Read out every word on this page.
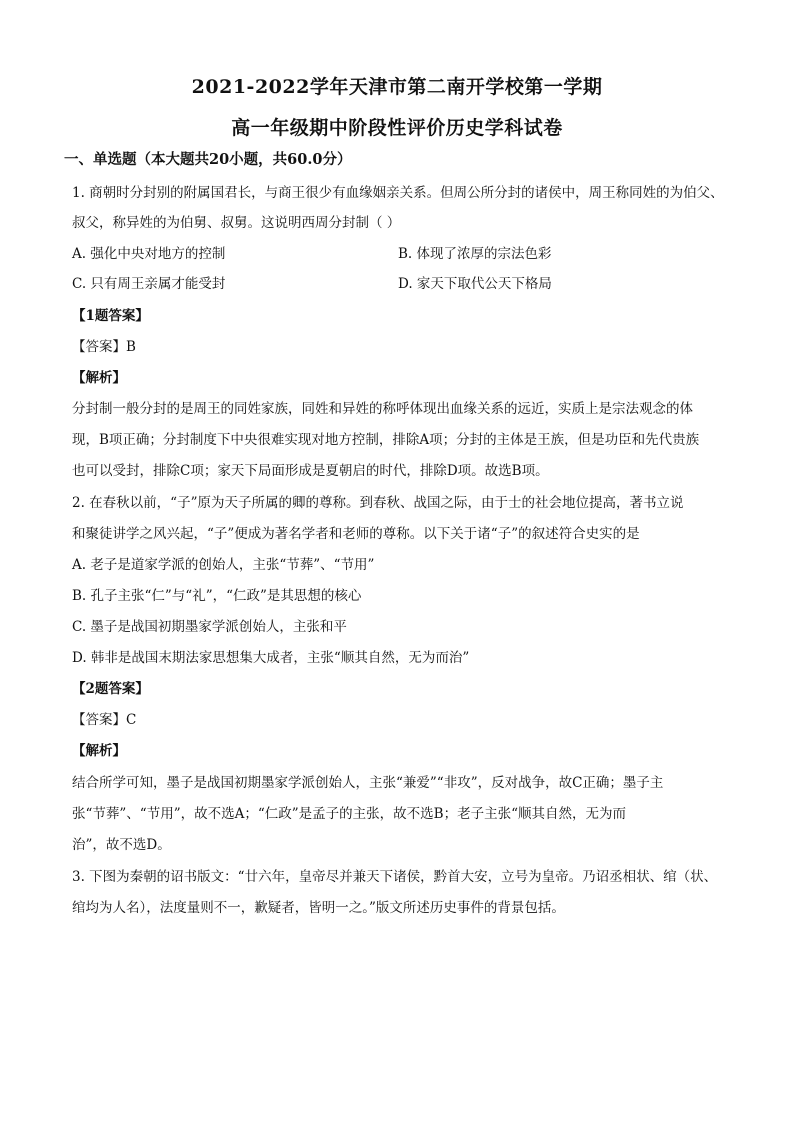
2021-2022学年天津市第二南开学校第一学期
高一年级期中阶段性评价历史学科试卷
一、单选题（本大题共20小题，共60.0分）
1. 商朝时分封别的附属国君长，与商王很少有血缘姻亲关系。但周公所分封的诸侯中，周王称同姓的为伯父、
叔父，称异姓的为伯舅、叔舅。这说明西周分封制（ ）
A. 强化中央对地方的控制	B. 体现了浓厚的宗法色彩
C. 只有周王亲属才能受封	D. 家天下取代公天下格局
【1题答案】
【答案】B
【解析】
分封制一般分封的是周王的同姓家族，同姓和异姓的称呼体现出血缘关系的远近，实质上是宗法观念的体
现，B项正确；分封制度下中央很难实现对地方控制，排除A项；分封的主体是王族，但是功臣和先代贵族
也可以受封，排除C项；家天下局面形成是夏朝启的时代，排除D项。故选B项。
2. 在春秋以前，“子”原为天子所属的卿的尊称。到春秋、战国之际，由于士的社会地位提高，著书立说
和聚徒讲学之风兴起，“子”便成为著名学者和老师的尊称。以下关于诸“子”的叙述符合史实的是
A. 老子是道家学派的创始人，主张“节葬”、“节用”
B. 孔子主张“仁”与“礼”，“仁政”是其思想的核心
C. 墨子是战国初期墨家学派创始人，主张和平
D. 韩非是战国末期法家思想集大成者，主张“顺其自然，无为而治”
【2题答案】
【答案】C
【解析】
结合所学可知，墨子是战国初期墨家学派创始人，主张“兼爱”“非攻”，反对战争，故C正确；墨子主
张“节葬”、“节用”，故不选A；“仁政”是孟子的主张，故不选B；老子主张“顺其自然，无为而
治”，故不选D。
3. 下图为秦朝的诏书版文：“廿六年，皇帝尽并兼天下诸侯，黔首大安，立号为皇帝。乃诏丞相状、绾（状、
绾均为人名），法度量则不一，歉疑者，皆明一之。”版文所述历史事件的背景包括。
